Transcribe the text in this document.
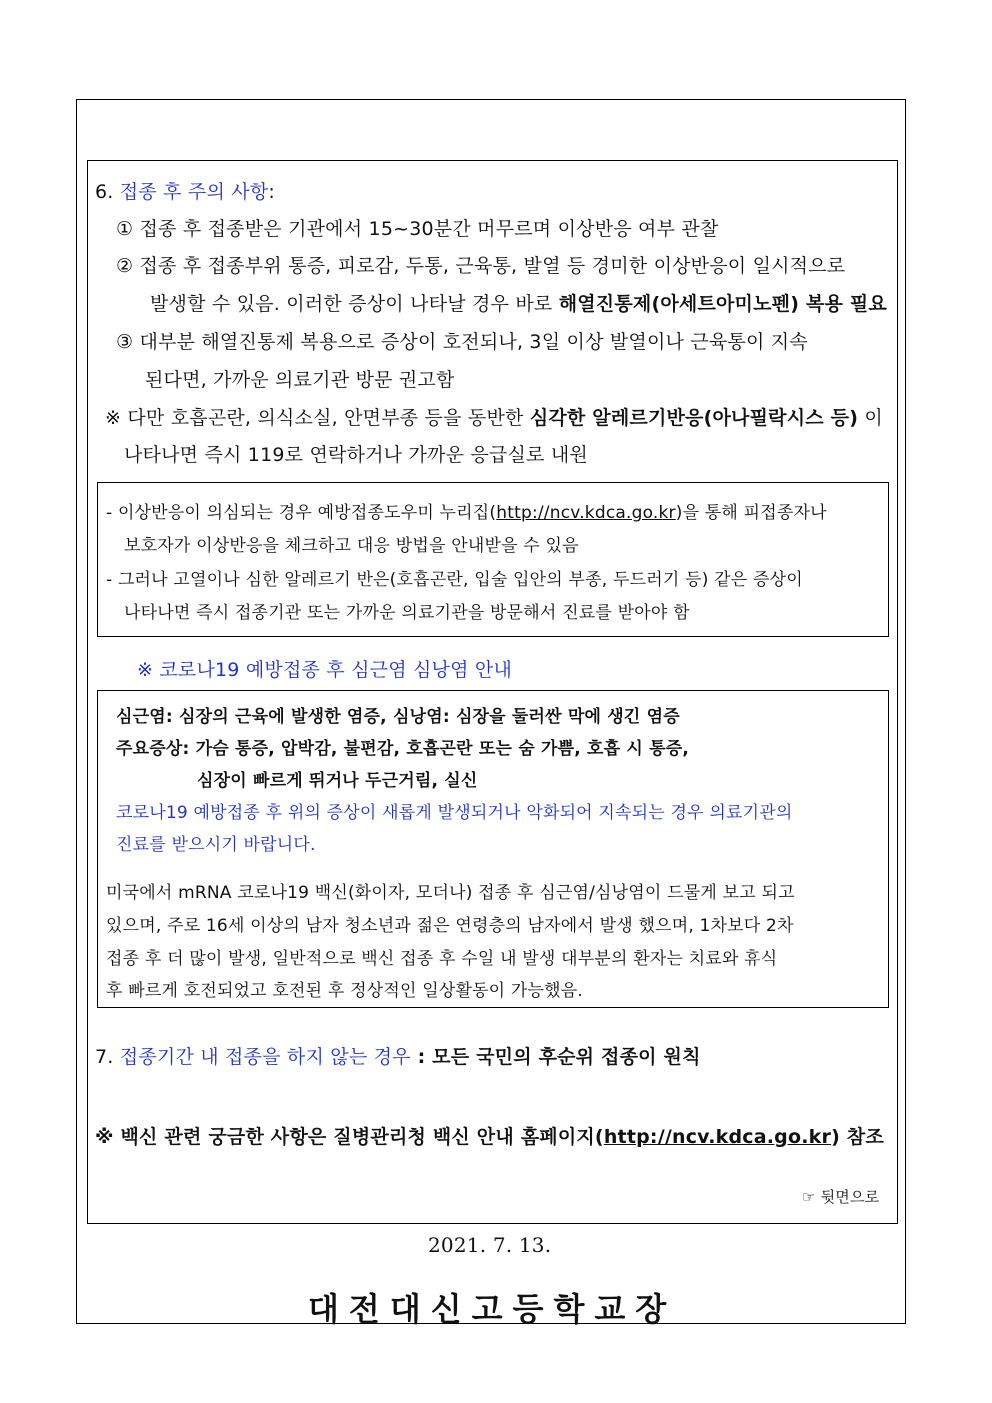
6. 접종 후 주의 사항:
① 접종 후 접종받은 기관에서 15~30분간 머무르며 이상반응 여부 관찰
② 접종 후 접종부위 통증, 피로감, 두통, 근육통, 발열 등 경미한 이상반응이 일시적으로
발생할 수 있음. 이러한 증상이 나타날 경우 바로 해열진통제(아세트아미노펜) 복용 필요
③ 대부분 해열진통제 복용으로 증상이 호전되나, 3일 이상 발열이나 근육통이 지속
된다면, 가까운 의료기관 방문 권고함
※ 다만 호흡곤란, 의식소실, 안면부종 등을 동반한 심각한 알레르기반응(아나필락시스 등) 이
나타나면 즉시 119로 연락하거나 가까운 응급실로 내원
- 이상반응이 의심되는 경우 예방접종도우미 누리집(http://ncv.kdca.go.kr)을 통해 피접종자나
보호자가 이상반응을 체크하고 대응 방법을 안내받을 수 있음
- 그러나 고열이나 심한 알레르기 반은(호흡곤란, 입술 입안의 부종, 두드러기 등) 같은 증상이
나타나면 즉시 접종기관 또는 가까운 의료기관을 방문해서 진료를 받아야 함
※ 코로나19 예방접종 후 심근염 심낭염 안내
심근염: 심장의 근육에 발생한 염증, 심낭염: 심장을 둘러싼 막에 생긴 염증
주요증상: 가슴 통증, 압박감, 불편감, 호흡곤란 또는 숨 가쁨, 호흡 시 통증,
심장이 빠르게 뛰거나 두근거림, 실신
코로나19 예방접종 후 위의 증상이 새롭게 발생되거나 악화되어 지속되는 경우 의료기관의
진료를 받으시기 바랍니다.
미국에서 mRNA 코로나19 백신(화이자, 모더나) 접종 후 심근염/심낭염이 드물게 보고 되고
있으며, 주로 16세 이상의 남자 청소년과 젊은 연령층의 남자에서 발생 했으며, 1차보다 2차
접종 후 더 많이 발생, 일반적으로 백신 접종 후 수일 내 발생 대부분의 환자는 치료와 휴식
후 빠르게 호전되었고 호전된 후 정상적인 일상활동이 가능했음.
7. 접종기간 내 접종을 하지 않는 경우 : 모든 국민의 후순위 접종이 원칙
※ 백신 관련 궁금한 사항은 질병관리청 백신 안내 홈페이지(http://ncv.kdca.go.kr) 참조
☞ 뒷면으로
2021. 7. 13.
대전대신고등학교장
